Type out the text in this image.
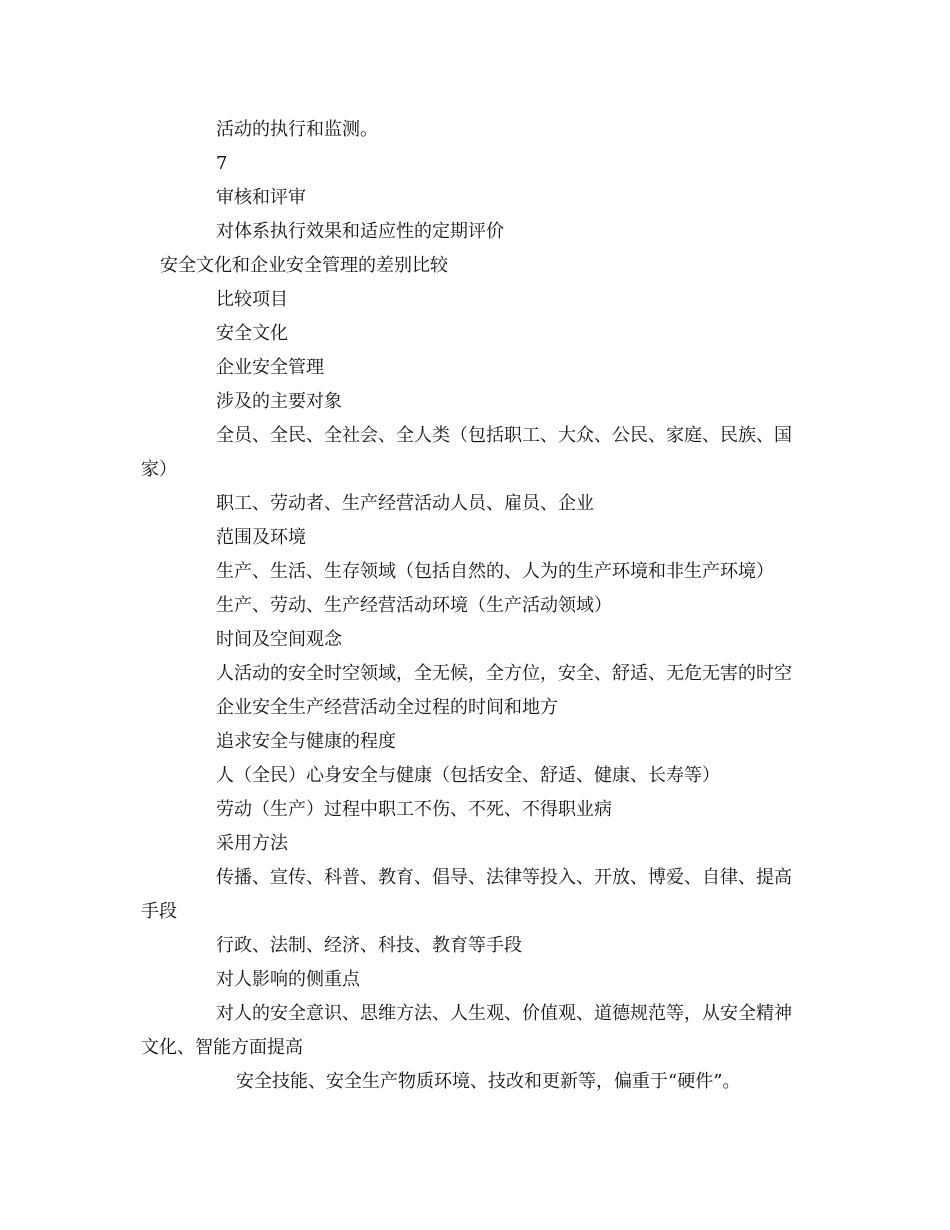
活动的执行和监测。
7
审核和评审
对体系执行效果和适应性的定期评价
安全文化和企业安全管理的差别比较
比较项目
安全文化
企业安全管理
涉及的主要对象
全员、全民、全社会、全人类（包括职工、大众、公民、家庭、民族、国
家）
职工、劳动者、生产经营活动人员、雇员、企业
范围及环境
生产、生活、生存领域（包括自然的、人为的生产环境和非生产环境）
生产、劳动、生产经营活动环境（生产活动领域）
时间及空间观念
人活动的安全时空领域，全无候，全方位，安全、舒适、无危无害的时空
企业安全生产经营活动全过程的时间和地方
追求安全与健康的程度
人（全民）心身安全与健康（包括安全、舒适、健康、长寿等）
劳动（生产）过程中职工不伤、不死、不得职业病
采用方法
传播、宣传、科普、教育、倡导、法律等投入、开放、博爱、自律、提高
手段
行政、法制、经济、科技、教育等手段
对人影响的侧重点
对人的安全意识、思维方法、人生观、价值观、道德规范等，从安全精神
文化、智能方面提高
安全技能、安全生产物质环境、技改和更新等，偏重于“硬件”。
